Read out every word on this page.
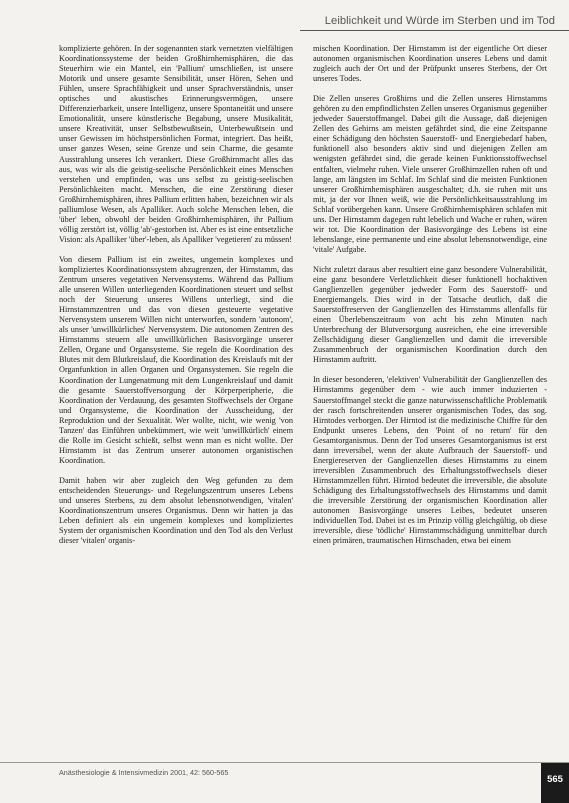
Leiblichkeit und Würde im Sterben und im Tod

komplizierte gehören. In der sogenannten stark vernetzten vielfältigen Koordinationssysteme der beiden Großhirnhemisphären, die das Steuerhirn wie ein Mantel, ein 'Pallium' umschließen, ist unsere Motorik und unsere gesamte Sensibilität, unser Hören, Sehen und Fühlen, unsere Sprachfähigkeit und unser Sprachverständnis, unser optisches und akustisches Erinnerungsvermögen, unsere Differenzierbarkeit, unsere Intelligenz, unsere Spontaneität und unsere Emotionalität, unsere künstlerische Begabung, unsere Musikalität, unsere Kreativität, unser Selbstbewußtsein, Unterbewußtsein und unser Gewissen im höchstpersönlichen Format, integriert. Das heißt, unser ganzes Wesen, seine Grenze und sein Charme, die gesamte Ausstrahlung unseres Ich verankert. Diese Großhirnmacht alles das aus, was wir als die geistig-seelische Persönlichkeit eines Menschen verstehen und empfinden, was uns selbst zu geistig-seelischen Persönlichkeiten macht. Menschen, die eine Zerstörung dieser Großhirnhemisphären, ihres Pallium erlitten haben, bezeichnen wir als palliumlose Wesen, als Apalliker. Auch solche Menschen leben, die 'über' leben, obwohl der beiden Großhirnhemisphären, ihr Pallium völlig zerstört ist, völlig 'ab'-gestorben ist. Aber es ist eine entsetzliche Vision: als Apalliker 'über'-leben, als Apalliker 'vegetieren' zu müssen!

Von diesem Pallium ist ein zweites, ungemein komplexes und kompliziertes Koordinationssystem abzugrenzen, der Hirnstamm, das Zentrum unseres vegetativen Nervensystems. Während das Pallium alle unseren Willen unterliegenden Koordinationen steuert und selbst noch der Steuerung unseres Willens unterliegt, sind die Hirnstammzentren und das von diesen gesteuerte vegetative Nervensystem unserem Willen nicht unterworfen, sondern 'autonom', als unser 'unwillkürliches' Nervensystem. Die autonomen Zentren des Hirnstamms steuern alle unwillkürlichen Basisvorgänge unserer Zellen, Organe und Organsysteme. Sie regeln die Koordination des Blutes mit dem Blutkreislauf, die Koordination des Kreislaufs mit der Organfunktion in allen Organen und Organsystemen. Sie regeln die Koordination der Lungenatmung mit dem Lungenkreislauf und damit die gesamte Sauerstoffversorgung der Körperperipherie, die Koordination der Verdauung, des gesamten Stoffwechsels der Organe und Organsysteme, die Koordination der Ausscheidung, der Reproduktion und der Sexualität. Wer wollte, nicht, wie wenig 'von Tanzen' das Einführen unbekümmert, wie weit 'unwillkürlich' einem die Rolle im Gesicht schießt, selbst wenn man es nicht wollte. Der Hirnstamm ist das Zentrum unserer autonomen organistischen Koordination.

Damit haben wir aber zugleich den Weg gefunden zu dem entscheidenden Steuerungs- und Regelungszentrum unseres Lebens und unseres Sterbens, zu dem absolut lebensnotwendigen, 'vitalen' Koordinationszentrum unseres Organismus. Denn wir hatten ja das Leben definiert als ein ungemein komplexes und kompliziertes System der organismischen Koordination und den Tod als den Verlust dieser 'vitalen' organis-

mischen Koordination. Der Hirnstamm ist der eigentliche Ort dieser autonomen organismischen Koordination unseres Lebens und damit zugleich auch der Ort und der Prüfpunkt unseres Sterbens, der Ort unseres Todes.

Die Zellen unseres Großhirns und die Zellen unseres Hirnstamms gehören zu den empfindlichsten Zellen unseres Organismus gegenüber jedweder Sauerstoffmangel. Dabei gilt die Aussage, daß diejenigen Zellen des Gehirns am meisten gefährdet sind, die eine Zeitspanne einer Schädigung den höchsten Sauerstoff- und Energiebedarf haben, funktionell also besonders aktiv sind und diejenigen Zellen am wenigsten gefährdet sind, die gerade keinen Funktionsstoffwechsel entfalten, vielmehr ruhen. Viele unserer Großhirnzellen ruhen oft und lange, am längsten im Schlaf. Im Schlaf sind die meisten Funktionen unserer Großhirnhemisphären ausgeschaltet; d.h. sie ruhen mit uns mit, ja der vor Ihnen weiß, wie die Persönlichkeitsausstrahlung im Schlaf vorübergehen kann. Unsere Großhirnhemisphären schlafen mit uns. Der Hirnstamm dagegen ruht lebelich und Wache er ruhen, wären wir tot. Die Koordination der Basisvorgänge des Lebens ist eine lebenslange, eine permanente und eine absolut lebensnotwendige, eine 'vitale' Aufgabe.

Nicht zuletzt daraus aber resultiert eine ganz besondere Vulnerabilität, eine ganz besondere Verletzlichkeit dieser funktionell hochaktiven Ganglienzellen gegenüber jedweder Form des Sauerstoff- und Energiemangels. Dies wird in der Tatsache deutlich, daß die Sauerstoffreserven der Ganglienzellen des Hirnstamms allenfalls für einen Überlebenszeitraum von acht bis zehn Minuten nach Unterbrechung der Blutversorgung ausreichen, ehe eine irreversible Zellschädigung dieser Ganglienzellen und damit die irreversible Zusammenbruch der organismischen Koordination durch den Hirnstamm auftritt.

In dieser besonderen, 'elektiven' Vulnerabilität der Ganglienzellen des Hirnstamms gegenüber dem - wie auch immer induzierten - Sauerstoffmangel steckt die ganze naturwissenschaftliche Problematik der rasch fortschreitenden unserer organismischen Todes, das sog. Hirntodes verborgen. Der Hirntod ist die medizinische Chiffre für den Endpunkt unseres Lebens, den 'Point of no return' für den Gesamtorganismus. Denn der Tod unseres Gesamtorganismus ist erst dann irreversibel, wenn der akute Aufbrauch der Sauerstoff- und Energiereserven der Ganglienzellen dieses Hirnstamms zu einem irreversiblen Zusammenbruch des Erhaltungsstoffwechsels dieser Hirnstammzellen führt. Hirntod bedeutet die irreversible, die absolute Schädigung des Erhaltungsstoffwechsels des Hirnstamms und damit die irreversible Zerstörung der organismischen Koordination aller autonomen Basisvorgänge unseres Leibes, bedeutet unseren individuellen Tod. Dabei ist es im Prinzip völlig gleichgültig, ob diese irreversible, diese 'tödliche' Hirnstammschädigung unmittelbar durch einen primären, traumatischen Hirnschaden, etwa bei einem

Anästhesiologie & Intensivmedizin 2001, 42: 560-565
565
